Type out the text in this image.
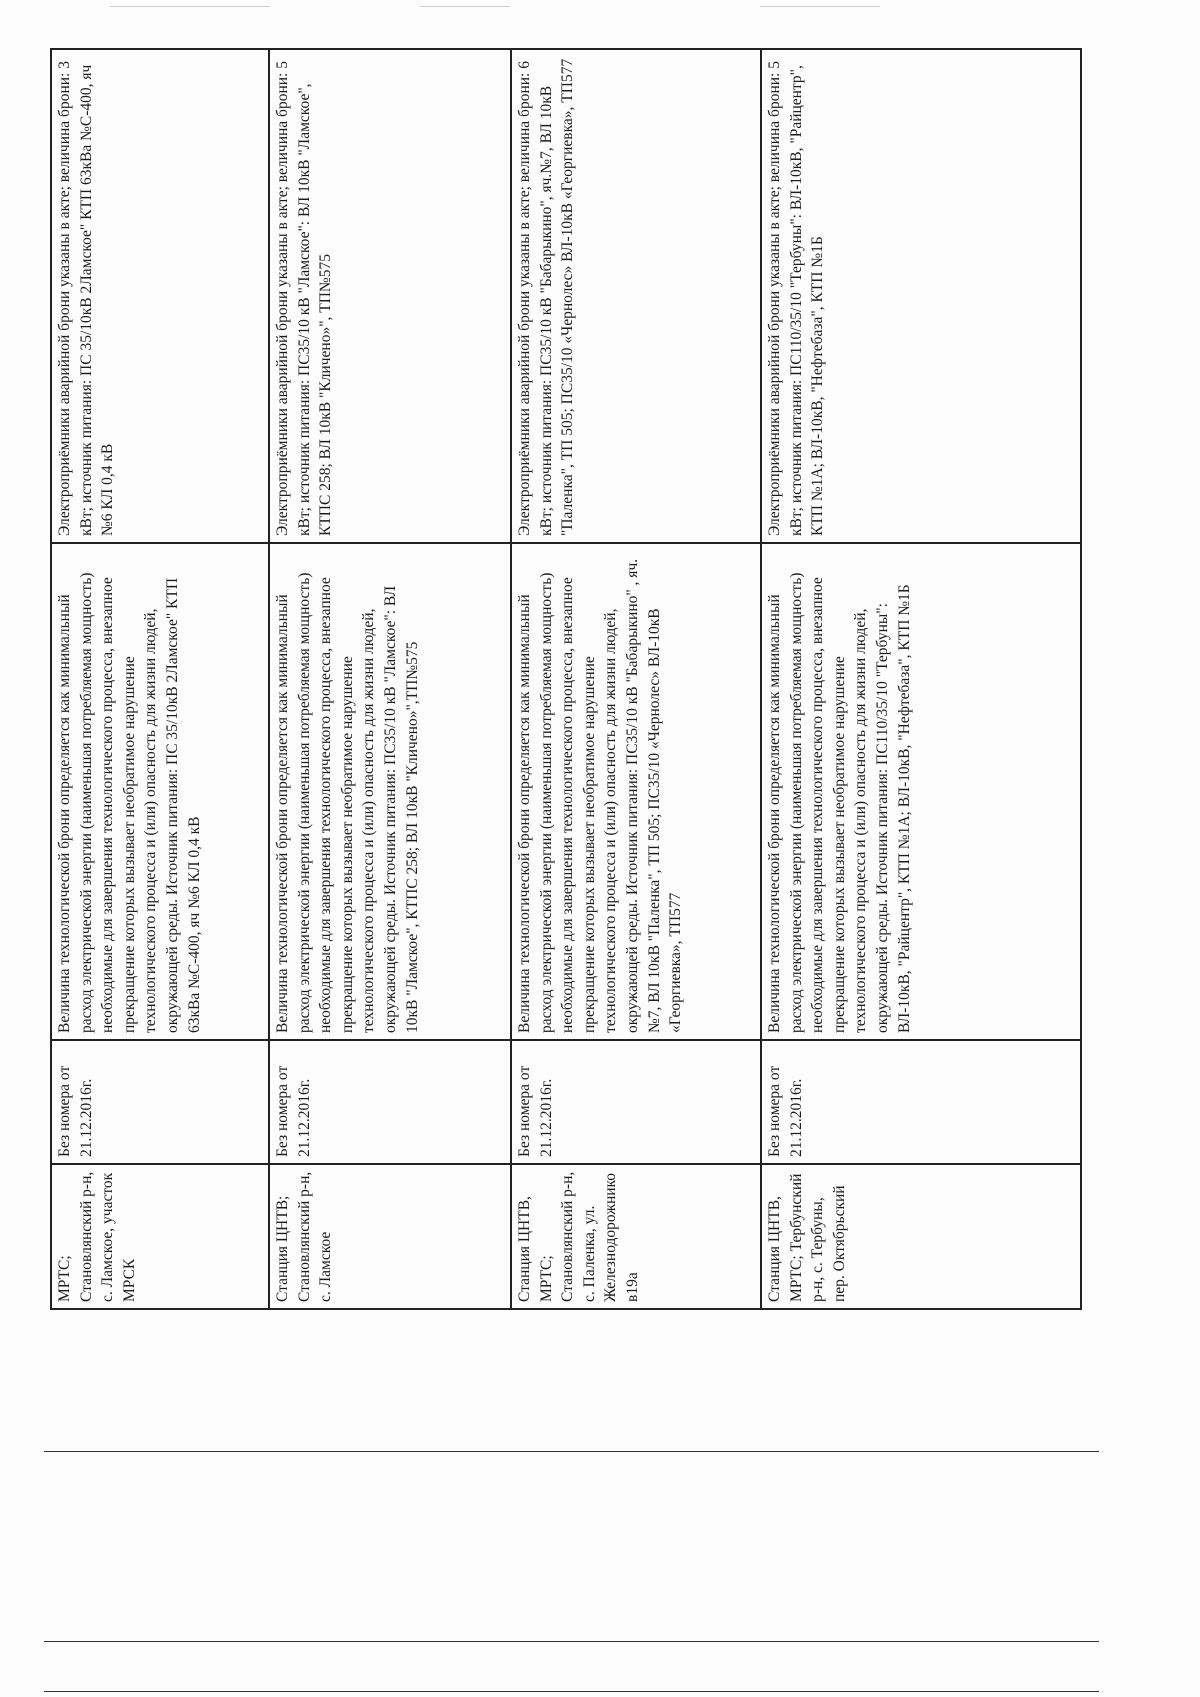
МРТС; Становлянский р-н, с. Ламское, участок МРСК	Без номера от 21.12.2016г.	Величина технологической брони определяется как минимальный расход электрической энергии (наименьшая потребляемая мощность) необходимые для завершения технологического процесса, внезапное прекращение которых вызывает необратимое нарушение технологического процесса и (или) опасность для жизни людей, окружающей среды. Источник питания: ПС 35/10кВ 2Ламское" КТП 63кВа №С-400, яч №6 КЛ 0,4 кВ	Электроприёмники аварийной брони указаны в акте; величина брони: 3 кВт; источник питания: ПС 35/10кВ 2Ламское" КТП 63кВа №С-400, яч №6 КЛ 0,4 кВ
Станция ЦНТВ; Становлянский р-н, с. Ламское	Без номера от 21.12.2016г.	Величина технологической брони определяется как минимальный расход электрической энергии (наименьшая потребляемая мощность) необходимые для завершения технологического процесса, внезапное прекращение которых вызывает необратимое нарушение технологического процесса и (или) опасность для жизни людей, окружающей среды. Источник питания: ПС35/10 кВ "Ламское": ВЛ 10кВ "Ламское", КТПС 258; ВЛ 10кВ "Кличено»",ТП№575	Электроприёмники аварийной брони указаны в акте; величина брони: 5 кВт; источник питания: ПС35/10 кВ "Ламское": ВЛ 10кВ "Ламское", КТПС 258; ВЛ 10кВ "Кличено»", ТП№575
Станция ЦНТВ, МРТС; Становлянский р-н, с. Паленка, ул. Железнодорожников19а	Без номера от 21.12.2016г.	Величина технологической брони определяется как минимальный расход электрической энергии (наименьшая потребляемая мощность) необходимые для завершения технологического процесса, внезапное прекращение которых вызывает необратимое нарушение технологического процесса и (или) опасность для жизни людей, окружающей среды. Источник питания: ПС35/10 кВ "Бабарыкино" , яч.№7, ВЛ 10кВ "Паленка", ТП 505; ПС35/10 «Чернолес» ВЛ-10кВ «Георгиевка», ТП577	Электроприёмники аварийной брони указаны в акте; величина брони: 6 кВт; источник питания: ПС35/10 кВ "Бабарыкино", яч.№7, ВЛ 10кВ "Паленка", ТП 505; ПС35/10 «Чернолес» ВЛ-10кВ «Георгиевка», ТП577
Станция ЦНТВ, МРТС; Тербунский р-н, с. Тербуны, пер. Октябрьский	Без номера от 21.12.2016г.	Величина технологической брони определяется как минимальный расход электрической энергии (наименьшая потребляемая мощность) необходимые для завершения технологического процесса, внезапное прекращение которых вызывает необратимое нарушение технологического процесса и (или) опасность для жизни людей, окружающей среды. Источник питания: ПС110/35/10 "Тербуны": ВЛ-10кВ, "Райцентр", КТП №1А; ВЛ-10кВ, "Нефтебаза", КТП №1Б	Электроприёмники аварийной брони указаны в акте; величина брони: 5 кВт; источник питания: ПС110/35/10 "Тербуны": ВЛ-10кВ, "Райцентр", КТП №1А; ВЛ-10кВ, "Нефтебаза", КТП №1Б
